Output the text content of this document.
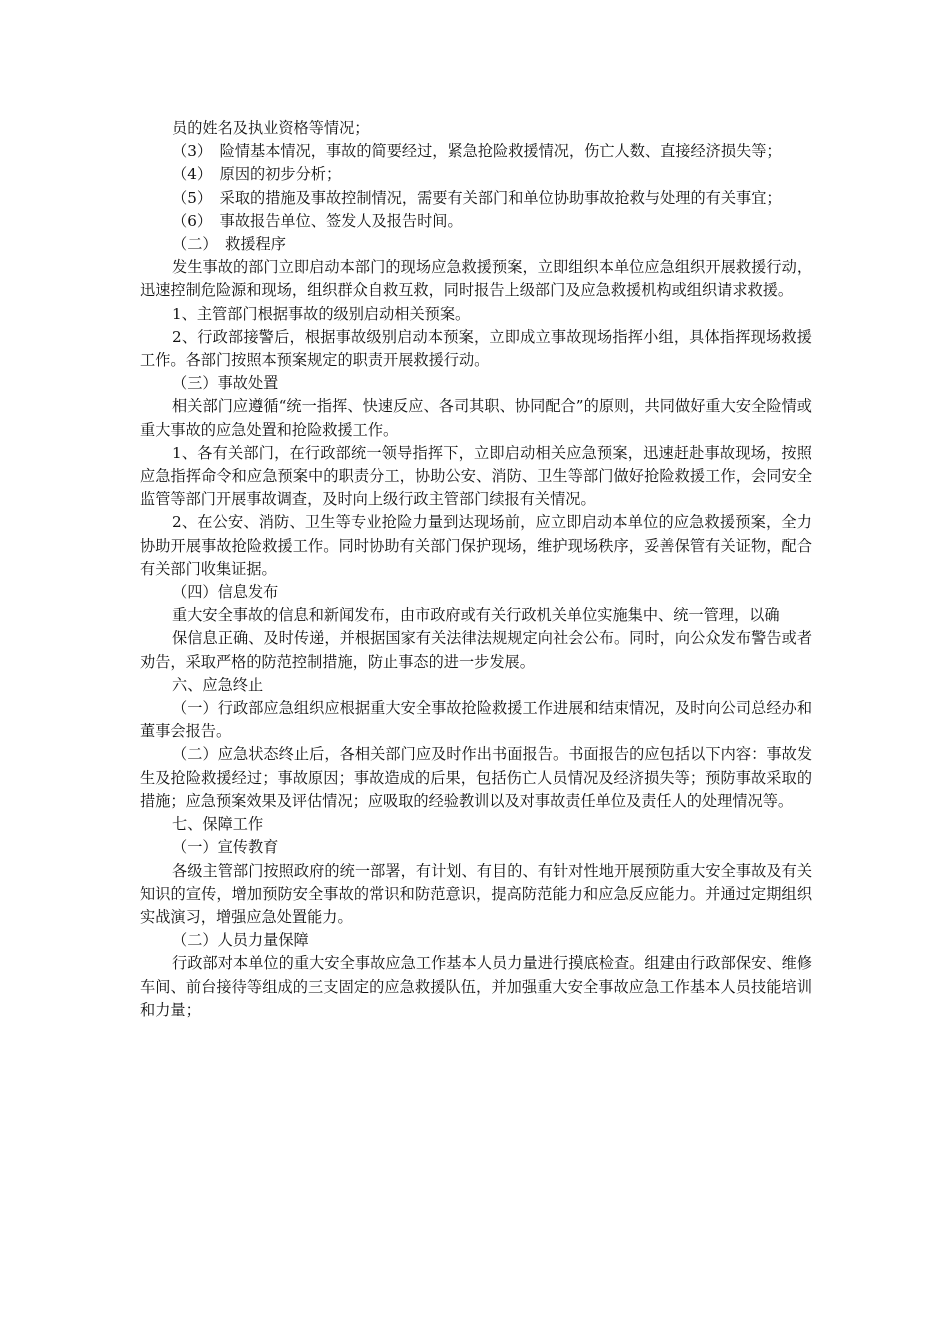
员的姓名及执业资格等情况；

（3）　险情基本情况，事故的简要经过，紧急抢险救援情况，伤亡人数、直接经济损失等；

（4）　原因的初步分析；

（5）　采取的措施及事故控制情况，需要有关部门和单位协助事故抢救与处理的有关事宜；

（6）　事故报告单位、签发人及报告时间。

（二）　救援程序

发生事故的部门立即启动本部门的现场应急救援预案，立即组织本单位应急组织开展救援行动，迅速控制危险源和现场，组织群众自救互救，同时报告上级部门及应急救援机构或组织请求救援。

1、主管部门根据事故的级别启动相关预案。

2、行政部接警后，根据事故级别启动本预案，立即成立事故现场指挥小组，具体指挥现场救援工作。各部门按照本预案规定的职责开展救援行动。

（三）事故处置

相关部门应遵循“统一指挥、快速反应、各司其职、协同配合”的原则，共同做好重大安全险情或重大事故的应急处置和抢险救援工作。

1、各有关部门，在行政部统一领导指挥下，立即启动相关应急预案，迅速赶赴事故现场，按照应急指挥命令和应急预案中的职责分工，协助公安、消防、卫生等部门做好抢险救援工作，会同安全监管等部门开展事故调查，及时向上级行政主管部门续报有关情况。

2、在公安、消防、卫生等专业抢险力量到达现场前，应立即启动本单位的应急救援预案，全力协助开展事故抢险救援工作。同时协助有关部门保护现场，维护现场秩序，妥善保管有关证物，配合有关部门收集证据。

（四）信息发布

重大安全事故的信息和新闻发布，由市政府或有关行政机关单位实施集中、统一管理，以确

保信息正确、及时传递，并根据国家有关法律法规规定向社会公布。同时，向公众发布警告或者劝告，采取严格的防范控制措施，防止事态的进一步发展。

六、应急终止

（一）行政部应急组织应根据重大安全事故抢险救援工作进展和结束情况，及时向公司总经办和董事会报告。

（二）应急状态终止后，各相关部门应及时作出书面报告。书面报告的应包括以下内容：事故发生及抢险救援经过；事故原因；事故造成的后果，包括伤亡人员情况及经济损失等；预防事故采取的措施；应急预案效果及评估情况；应吸取的经验教训以及对事故责任单位及责任人的处理情况等。

七、保障工作

（一）宣传教育

各级主管部门按照政府的统一部署，有计划、有目的、有针对性地开展预防重大安全事故及有关知识的宣传，增加预防安全事故的常识和防范意识，提高防范能力和应急反应能力。并通过定期组织实战演习，增强应急处置能力。

（二）人员力量保障

行政部对本单位的重大安全事故应急工作基本人员力量进行摸底检查。组建由行政部保安、维修车间、前台接待等组成的三支固定的应急救援队伍，并加强重大安全事故应急工作基本人员技能培训和力量；
